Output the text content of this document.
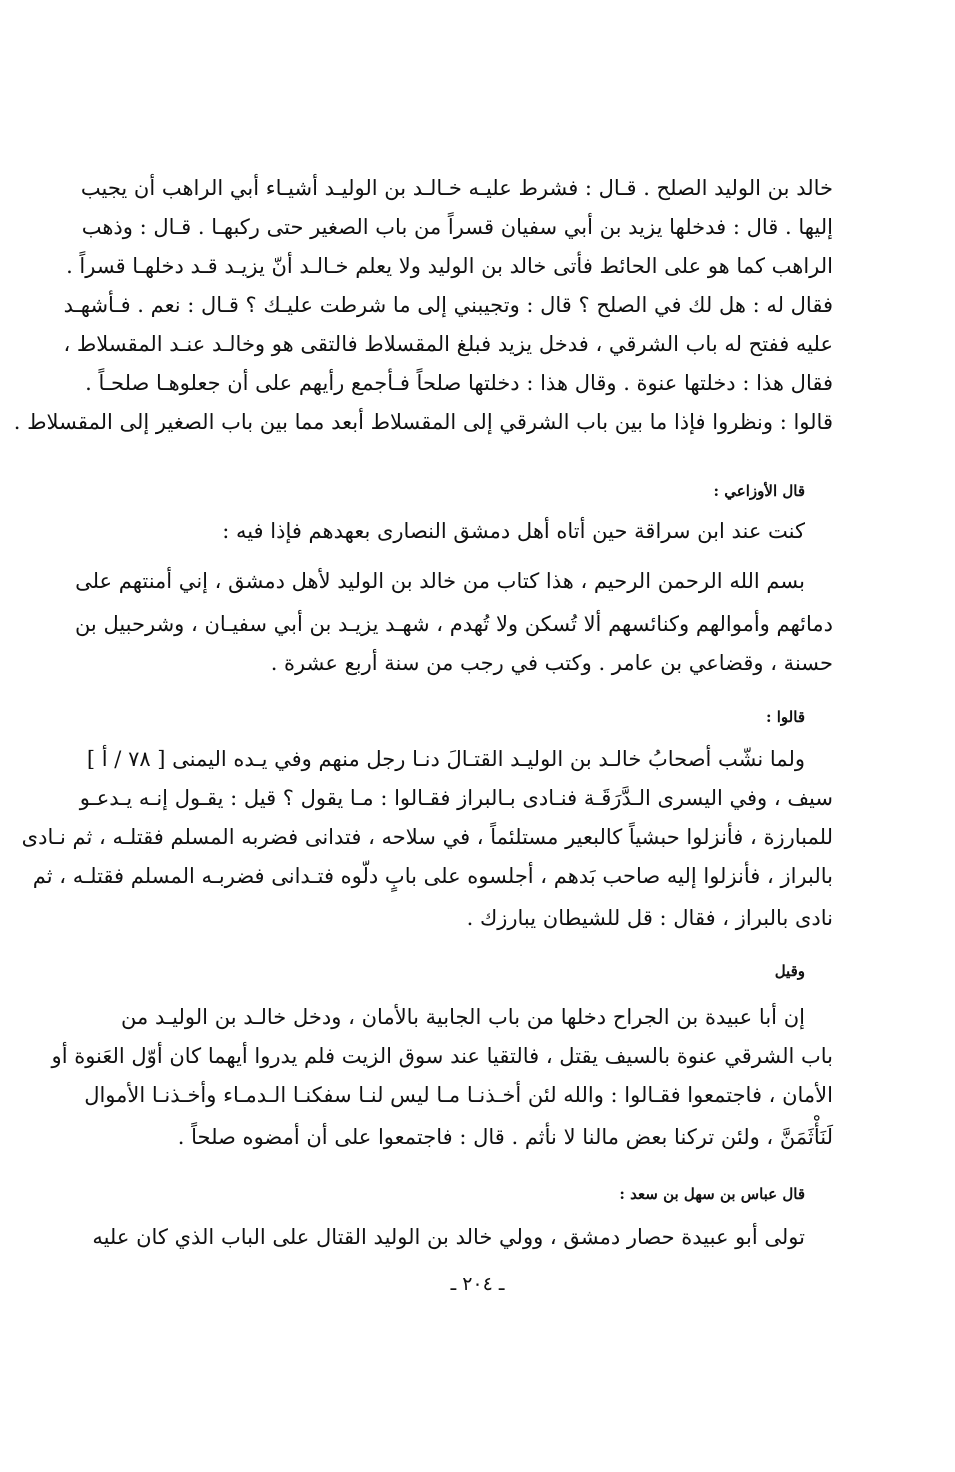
خالد بن الوليد الصلح . قـال : فشرط عليـه خـالـد بن الوليـد أشيـاء أبي الراهب أن يجيب
إليها . قال : فدخلها يزيد بن أبي سفيان قسراً من باب الصغير حتى ركبهـا . قـال : وذهب
الراهب كما هو على الحائط فأتى خالد بن الوليد ولا يعلم خـالـد أنّ يزيـد قـد دخلهـا قسراً .
فقال له : هل لك في الصلح ؟ قال : وتجيبني إلى ما شرطت عليـك ؟ قـال : نعم . فـأشهـد
عليه ففتح له باب الشرقي ، فدخل يزيد فبلغ المقسلاط فالتقى هو وخالـد عنـد المقسلاط ،
فقال هذا : دخلتها عنوة . وقال هذا : دخلتها صلحاً فـأجمع رأيهم على أن جعلوهـا صلحـاً .
قالوا : ونظروا فإذا ما بين باب الشرقي إلى المقسلاط أبعد مما بين باب الصغير إلى المقسلاط .
قال الأوزاعي :
كنت عند ابن سراقة حين أتاه أهل دمشق النصارى بعهدهم فإذا فيه :
بسم الله الرحمن الرحيم ، هذا كتاب من خالد بن الوليد لأهل دمشق ، إني أمنتهم على
دمائهم وأموالهم وكنائسهم ألا تُسكن ولا تُهدم ، شهـد يزيـد بن أبي سفيـان ، وشرحبيل بن
حسنة ، وقضاعي بن عامر . وكتب في رجب من سنة أربع عشرة .
قالوا :
ولما نشّب أصحابُ خالـد بن الوليـد القتـالَ دنـا رجل منهم وفي يـده اليمنى [ ٧٨ / أ ]
سيف ، وفي اليسرى الـدَّرَقَـة فنـادى بـالبراز فقـالوا : مـا يقول ؟ قيل : يقـول إنـه يـدعـو
للمبارزة ، فأنزلوا حبشياً كالبعير مستلئماً ، في سلاحه ، فتدانى فضربه المسلم فقتلـه ، ثم نـادى
بالبراز ، فأنزلوا إليه صاحب بَدهم ، أجلسوه على بابٍ دلّوه فتـدانى فضربـه المسلم فقتلـه ، ثم
نادى بالبراز ، فقال : قل للشيطان يبارزك .
وقيل
إن أبا عبيدة بن الجراح دخلها من باب الجابية بالأمان ، ودخل خالـد بن الوليـد من
باب الشرقي عنوة بالسيف يقتل ، فالتقيا عند سوق الزيت فلم يدروا أيهما كان أوّل العَنوة أو
الأمان ، فاجتمعوا فقـالوا : والله لئن أخـذنـا مـا ليس لنـا سفكنـا الـدمـاء وأخـذنـا الأموال
لَنَأْثَمَنَّ ، ولئن تركنا بعض مالنا لا نأثم . قال : فاجتمعوا على أن أمضوه صلحاً .
قال عباس بن سهل بن سعد :
تولى أبو عبيدة حصار دمشق ، وولي خالد بن الوليد القتال على الباب الذي كان عليه
ـ ٢٠٤ ـ
